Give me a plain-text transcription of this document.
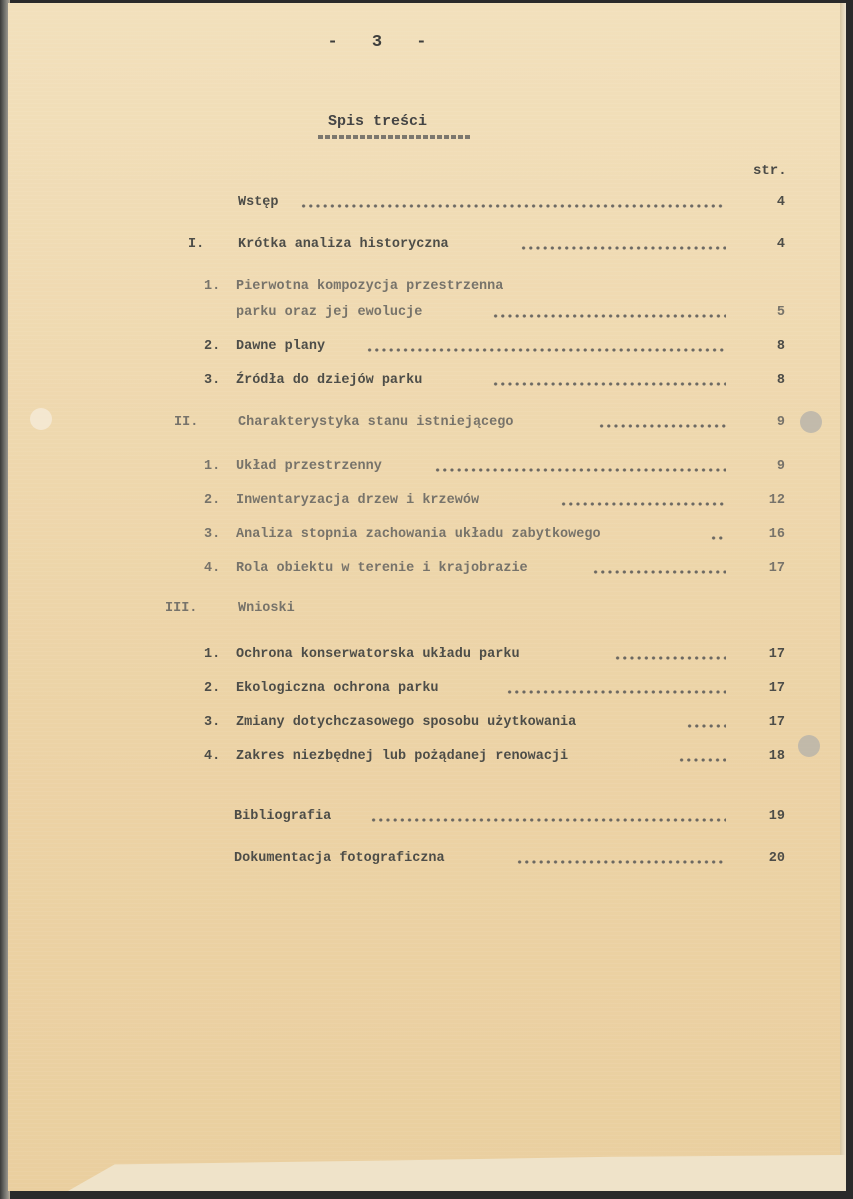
- 3 -
Spis treści
str.
Wstęp	4
I.	Krótka analiza historyczna	4
1. Pierwotna kompozycja przestrzenna
parku oraz jej ewolucje	5
2. Dawne plany	8
3. Źródła do dziejów parku	8
II.	Charakterystyka stanu istniejącego	9
1. Układ przestrzenny	9
2. Inwentaryzacja drzew i krzewów	12
3. Analiza stopnia zachowania układu zabytkowego	16
4. Rola obiektu w terenie i krajobrazie	17
III.	Wnioski
1. Ochrona konserwatorska układu parku	17
2. Ekologiczna ochrona parku	17
3. Zmiany dotychczasowego sposobu użytkowania	17
4. Zakres niezbędnej lub pożądanej renowacji	18
Bibliografia	19
Dokumentacja fotograficzna	20
